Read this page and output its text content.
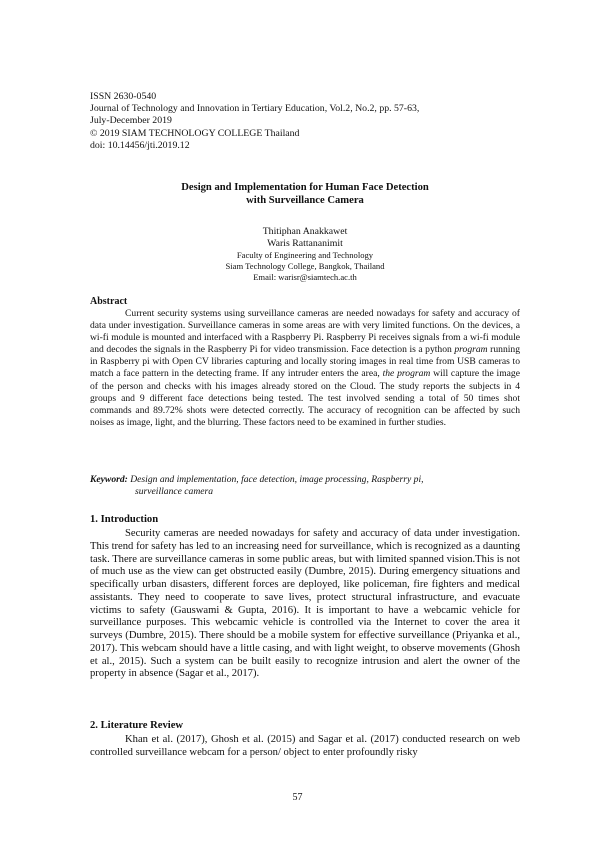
ISSN 2630-0540
Journal of Technology and Innovation in Tertiary Education, Vol.2, No.2, pp. 57-63,
July-December 2019
© 2019 SIAM TECHNOLOGY COLLEGE Thailand
doi: 10.14456/jti.2019.12
Design and Implementation for Human Face Detection
with Surveillance Camera
Thitiphan Anakkawet
Waris Rattananimit
Faculty of Engineering and Technology
Siam Technology College, Bangkok, Thailand
Email: warisr@siamtech.ac.th
Abstract

Current security systems using surveillance cameras are needed nowadays for safety and accuracy of data under investigation. Surveillance cameras in some areas are with very limited functions. On the devices, a wi-fi module is mounted and interfaced with a Raspberry Pi. Raspberry Pi receives signals from a wi-fi module and decodes the signals in the Raspberry Pi for video transmission. Face detection is a python program running in Raspberry pi with Open CV libraries capturing and locally storing images in real time from USB cameras to match a face pattern in the detecting frame. If any intruder enters the area, the program will capture the image of the person and checks with his images already stored on the Cloud. The study reports the subjects in 4 groups and 9 different face detections being tested. The test involved sending a total of 50 times shot commands and 89.72% shots were detected correctly. The accuracy of recognition can be affected by such noises as image, light, and the blurring. These factors need to be examined in further studies.

Keyword: Design and implementation, face detection, image processing, Raspberry pi,
surveillance camera
1. Introduction

Security cameras are needed nowadays for safety and accuracy of data under investigation. This trend for safety has led to an increasing need for surveillance, which is recognized as a daunting task. There are surveillance cameras in some public areas, but with limited spanned vision.This is not of much use as the view can get obstructed easily (Dumbre, 2015). During emergency situations and specifically urban disasters, different forces are deployed, like policeman, fire fighters and medical assistants. They need to cooperate to save lives, protect structural infrastructure, and evacuate victims to safety (Gauswami & Gupta, 2016). It is important to have a webcamic vehicle for surveillance purposes. This webcamic vehicle is controlled via the Internet to cover the area it surveys (Dumbre, 2015). There should be a mobile system for effective surveillance (Priyanka et al., 2017). This webcam should have a little casing, and with light weight, to observe movements (Ghosh et al., 2015). Such a system can be built easily to recognize intrusion and alert the owner of the property in absence (Sagar et al., 2017).

2. Literature Review

Khan et al. (2017), Ghosh et al. (2015) and Sagar et al. (2017) conducted research on web controlled surveillance webcam for a person/ object to enter profoundly risky

57
